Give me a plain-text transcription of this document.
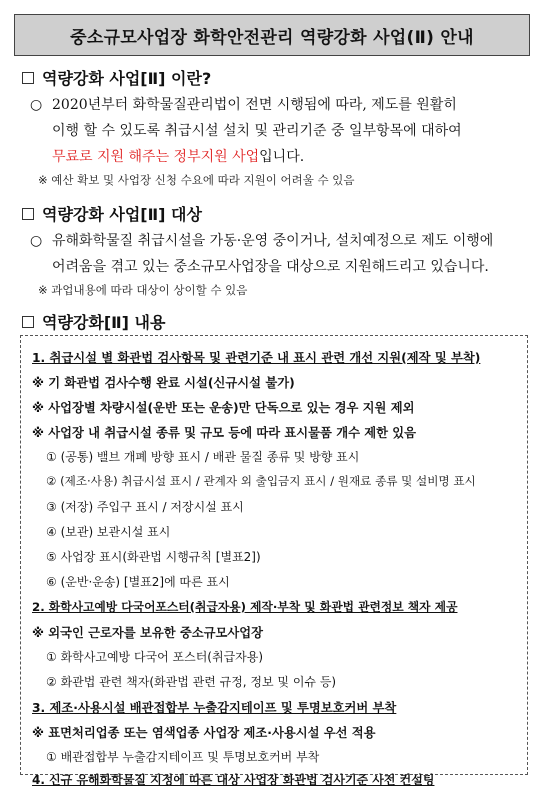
중소규모사업장 화학안전관리 역량강화 사업(Ⅱ) 안내
역량강화 사업[Ⅱ] 이란?
○ 2020년부터 화학물질관리법이 전면 시행됨에 따라, 제도를 원활히
이행 할 수 있도록 취급시설 설치 및 관리기준 중 일부항목에 대하여
무료로 지원 해주는 정부지원 사업입니다.
※ 예산 확보 및 사업장 신청 수요에 따라 지원이 어려울 수 있음
역량강화 사업[Ⅱ] 대상
○ 유해화학물질 취급시설을 가동·운영 중이거나, 설치예정으로 제도 이행에
어려움을 겪고 있는 중소규모사업장을 대상으로 지원해드리고 있습니다.
※ 과업내용에 따라 대상이 상이할 수 있음
역량강화[Ⅱ] 내용
1. 취급시설 별 화관법 검사항목 및 관련기준 내 표시 관련 개선 지원(제작 및 부착)
※ 기 화관법 검사수행 완료 시설(신규시설 불가)
※ 사업장별 차량시설(운반 또는 운송)만 단독으로 있는 경우 지원 제외
※ 사업장 내 취급시설 종류 및 규모 등에 따라 표시물품 개수 제한 있음
① (공통) 밸브 개폐 방향 표시 / 배관 물질 종류 및 방향 표시
② (제조·사용) 취급시설 표시 / 관계자 외 출입금지 표시 / 원재료 종류 및 설비명 표시
③ (저장) 주입구 표시 / 저장시설 표시
④ (보관) 보관시설 표시
⑤ 사업장 표시(화관법 시행규칙 [별표2])
⑥ (운반·운송) [별표2]에 따른 표시
2. 화학사고예방 다국어포스터(취급자용) 제작·부착 및 화관법 관련정보 책자 제공
※ 외국인 근로자를 보유한 중소규모사업장
① 화학사고예방 다국어 포스터(취급자용)
② 화관법 관련 책자(화관법 관련 규정, 정보 및 이슈 등)
3. 제조·사용시설 배관접합부 누출감지테이프 및 투명보호커버 부착
※ 표면처리업종 또는 염색업종 사업장 제조·사용시설 우선 적용
① 배관접합부 누출감지테이프 및 투명보호커버 부착
4. 신규 유해화학물질 지정에 따른 대상 사업장 화관법 검사기준 사전 컨설팅
